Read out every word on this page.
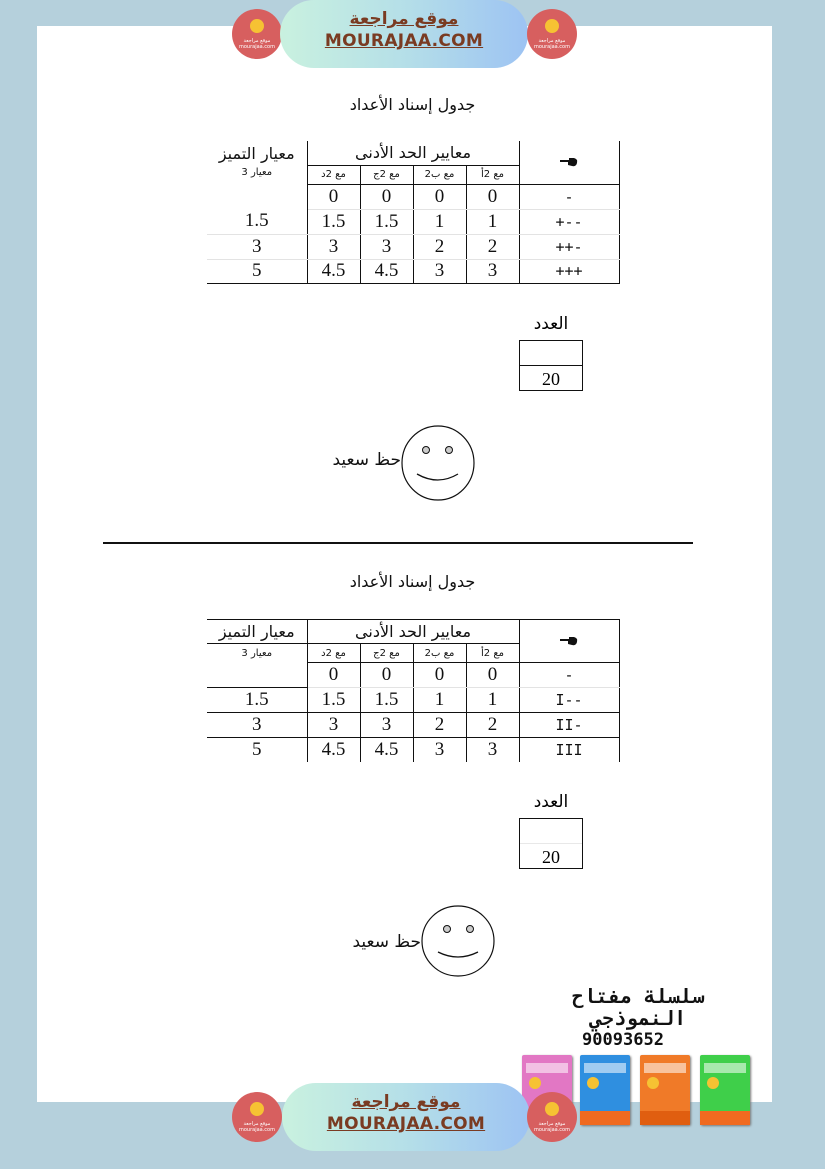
موقع مراجعة mourajaa.com
موقع مراجعة
MOURAJAA.COM	موقع مراجعة mourajaa.com
جدول إسناد الأعداد
معيار التميز	معايير الحد الأدنى	
معيار 3	مع 2د	مع 2ج	مع ب2	مع 2أ	
	0	0	0	0	-
1.5	1.5	1.5	1	1	+--
3	3	3	2	2	++-
5	4.5	4.5	3	3	+++
العدد
20
حظ سعيد
جدول إسناد الأعداد
معيار التميز	معايير الحد الأدنى	
معيار 3	مع 2د	مع 2ج	مع ب2	مع 2أ	
	0	0	0	0	-
1.5	1.5	1.5	1	1	I--
3	3	3	2	2	II-
5	4.5	4.5	3	3	III
العدد
20
حظ سعيد
سلسلة مفتاح النموذجي
90093652
موقع مراجعة mourajaa.com
موقع مراجعة
MOURAJAA.COM	موقع مراجعة mourajaa.com
